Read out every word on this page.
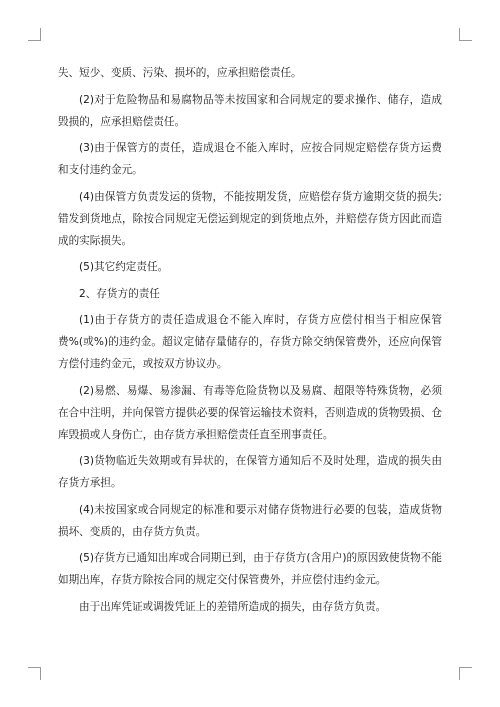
失、短少、变质、污染、损坏的，应承担赔偿责任。

(2)对于危险物品和易腐物品等未按国家和合同规定的要求操作、储存，造成毁损的，应承担赔偿责任。

(3)由于保管方的责任，造成退仓不能入库时，应按合同规定赔偿存货方运费和支付违约金元。

(4)由保管方负责发运的货物，不能按期发货，应赔偿存货方逾期交货的损失;错发到货地点，除按合同规定无偿运到规定的到货地点外，并赔偿存货方因此而造成的实际损失。

(5)其它约定责任。

2、存货方的责任

(1)由于存货方的责任造成退仓不能入库时，存货方应偿付相当于相应保管费%(或%)的违约金。超议定储存量储存的，存货方除交纳保管费外，还应向保管方偿付违约金元，或按双方协议办。

(2)易燃、易爆、易渗漏、有毒等危险货物以及易腐、超限等特殊货物，必须在合中注明，并向保管方提供必要的保管运输技术资料，否则造成的货物毁损、仓库毁损或人身伤亡，由存货方承担赔偿责任直至刑事责任。

(3)货物临近失效期或有异状的，在保管方通知后不及时处理，造成的损失由存货方承担。

(4)未按国家或合同规定的标准和要示对储存货物进行必要的包装，造成货物损坏、变质的，由存货方负责。

(5)存货方已通知出库或合同期已到，由于存货方(含用户)的原因致使货物不能如期出库，存货方除按合同的规定交付保管费外，并应偿付违约金元。

由于出库凭证或调拨凭证上的差错所造成的损失，由存货方负责。
